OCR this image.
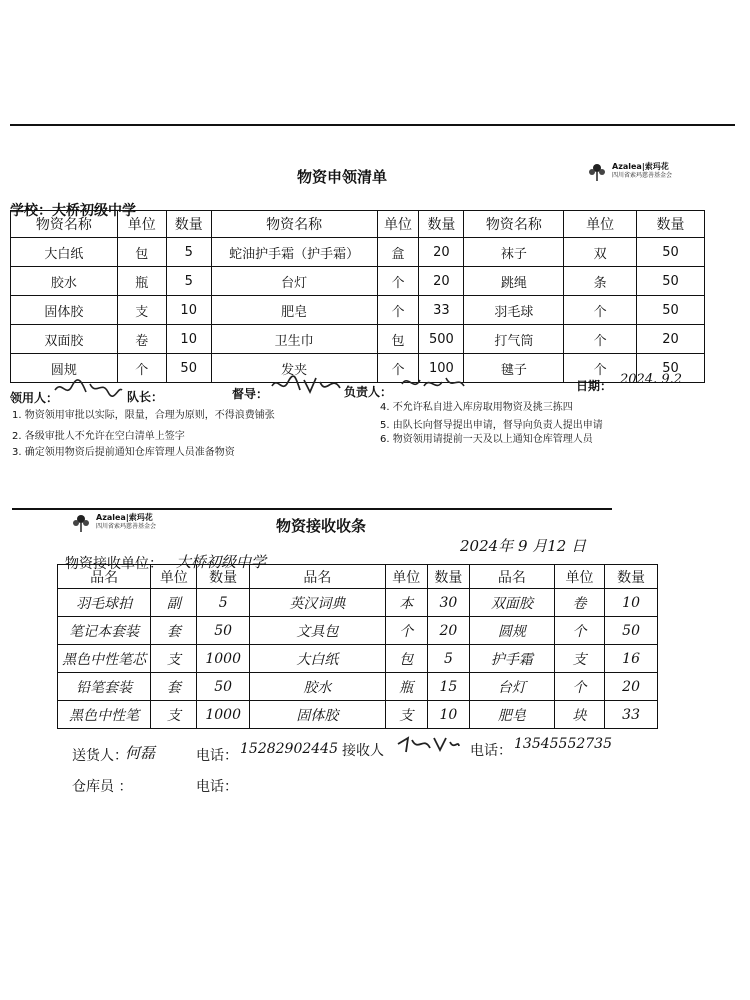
物资申领清单
Azalea|索玛花
四川省索玛慈善基金会
学校：大桥初级中学
物资名称	单位	数量	物资名称	单位	数量	物资名称	单位	数量
大白纸	包	5	蛇油护手霜（护手霜）	盒	20	袜子	双	50
胶水	瓶	5	台灯	个	20	跳绳	条	50
固体胶	支	10	肥皂	个	33	羽毛球	个	50
双面胶	卷	10	卫生巾	包	500	打气筒	个	20
圆规	个	50	发夹	个	100	毽子	个	50
领用人：	队长：	督导：	负责人：	日期： 2024. 9.2
1. 物资领用审批以实际，限量，合理为原则，不得浪费铺张
2. 各级审批人不允许在空白清单上签字
3. 确定领用物资后提前通知仓库管理人员准备物资
4. 不允许私自进入库房取用物资及挑三拣四
5. 由队长向督导提出申请，督导向负责人提出申请
6. 物资领用请提前一天及以上通知仓库管理人员
Azalea|索玛花
四川省索玛慈善基金会	物资接收收条
物资接收单位： 大桥初级中学
2024年 9 月12 日
品名	单位	数量	品名	单位	数量	品名	单位	数量
羽毛球拍	副	5	英汉词典	本	30	双面胶	卷	10
笔记本套装	套	50	文具包	个	20	圆规	个	50
黑色中性笔芯	支	1000	大白纸	包	5	护手霜	支	16
铅笔套装	套	50	胶水	瓶	15	台灯	个	20
黑色中性笔	支	1000	固体胶	支	10	肥皂	块	33
送货人：
何磊	电话： 15282902445 接收人	电话： 13545552735
仓库员 ：	电话：
